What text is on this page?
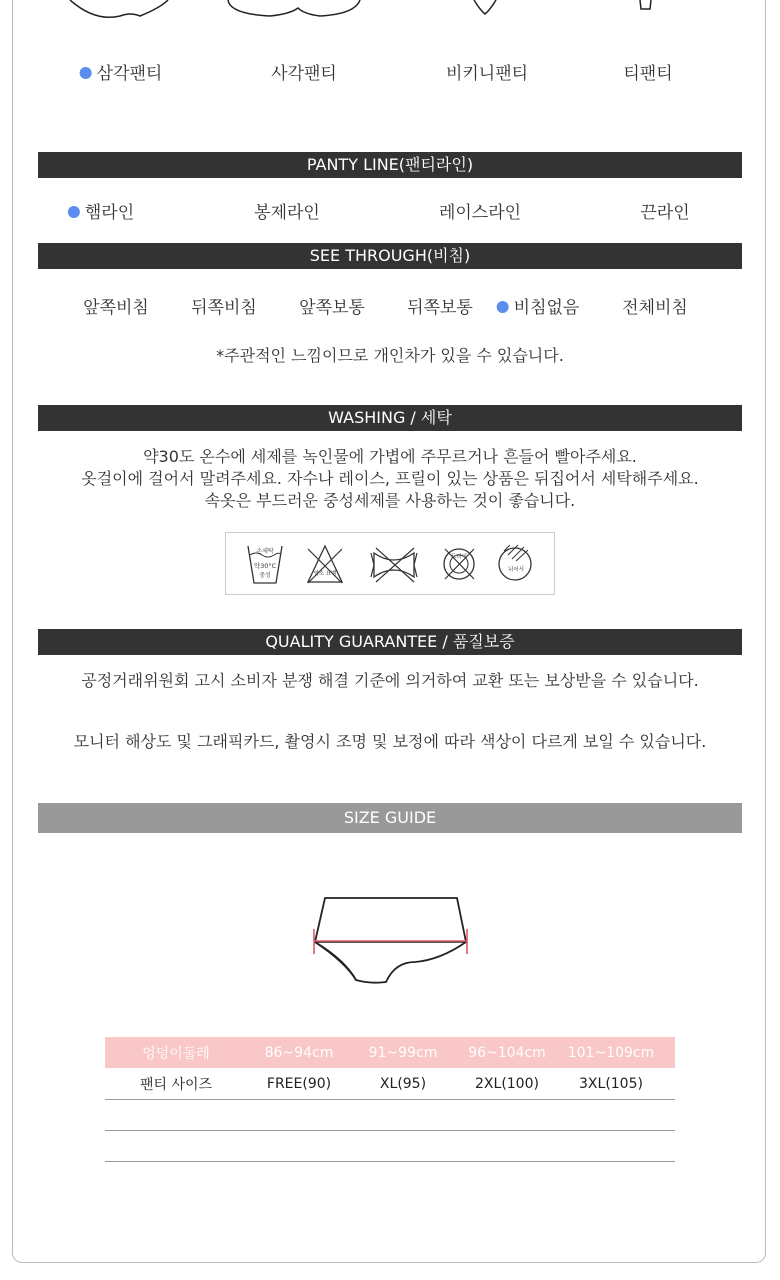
삼각팬티	사각팬티	비키니팬티	티팬티
PANTY LINE(팬티라인)
햄라인	봉제라인	레이스라인	끈라인
SEE THROUGH(비침)
앞쪽비침 뒤쪽비침 앞쪽보통 뒤쪽보통	비침없음	전체비침
*주관적인 느낌이므로 개인차가 있을 수 있습니다.
WASHING / 세탁
약30도 온수에 세제를 녹인물에 가볍에 주무르거나 흔들어 빨아주세요.
옷걸이에 걸어서 말려주세요. 자수나 레이스, 프릴이 있는 상품은 뒤집어서 세탁해주세요.
속옷은 부드러운 중성세제를 사용하는 것이 좋습니다.
손세탁
약30°C
중성	염소 표백
드라이
뉘어서
QUALITY GUARANTEE / 품질보증
공정거래위원회 고시 소비자 분쟁 해결 기준에 의거하여 교환 또는 보상받을 수 있습니다.
모니터 해상도 및 그래픽카드, 촬영시 조명 및 보정에 따라 색상이 다르게 보일 수 있습니다.
SIZE GUIDE
엉덩이둘레	86~94cm	91~99cm	96~104cm	101~109cm
팬티 사이즈	FREE(90)	XL(95)	2XL(100)	3XL(105)
